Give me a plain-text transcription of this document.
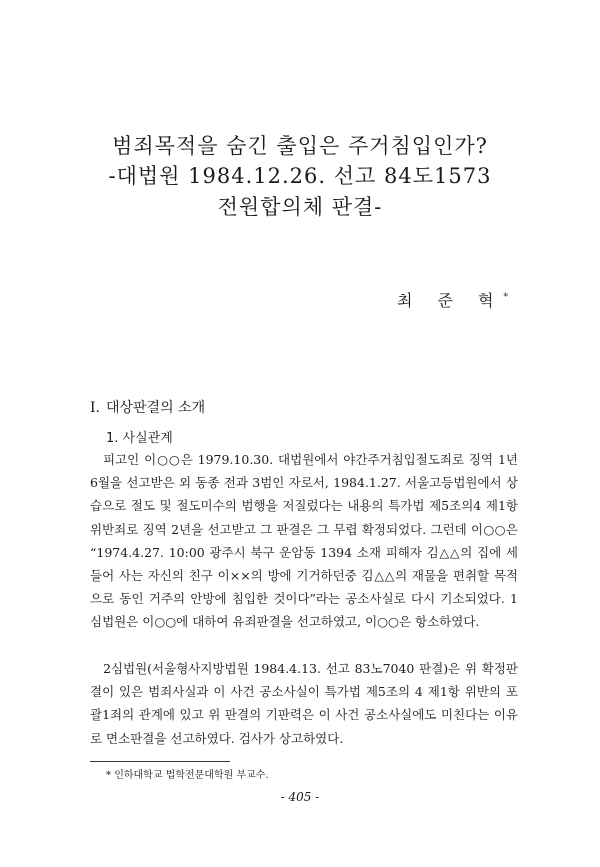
범죄목적을 숨긴 출입은 주거침입인가?
-대법원 1984.12.26. 선고 84도1573
전원합의체 판결-
최 준 혁*
Ⅰ. 대상판결의 소개
1. 사실관계
피고인 이○○은 1979.10.30. 대법원에서 야간주거침입절도죄로 징역 1년 6월을 선고받은 외 동종 전과 3범인 자로서, 1984.1.27. 서울고등법원에서 상습으로 절도 및 절도미수의 범행을 저질렀다는 내용의 특가법 제5조의4 제1항 위반죄로 징역 2년을 선고받고 그 판결은 그 무렵 확정되었다. 그런데 이○○은 “1974.4.27. 10:00 광주시 북구 운암동 1394 소재 피해자 김△△의 집에 세들어 사는 자신의 친구 이××의 방에 기거하던중 김△△의 재물을 편취할 목적으로 동인 거주의 안방에 침입한 것이다”라는 공소사실로 다시 기소되었다. 1심법원은 이○○에 대하여 유죄판결을 선고하였고, 이○○은 항소하였다.
2심법원(서울형사지방법원 1984.4.13. 선고 83노7040 판결)은 위 확정판결이 있은 범죄사실과 이 사건 공소사실이 특가법 제5조의 4 제1항 위반의 포괄1죄의 관계에 있고 위 판결의 기판력은 이 사건 공소사실에도 미친다는 이유로 면소판결을 선고하였다. 검사가 상고하였다.
* 인하대학교 법학전문대학원 부교수.
- 405 -
